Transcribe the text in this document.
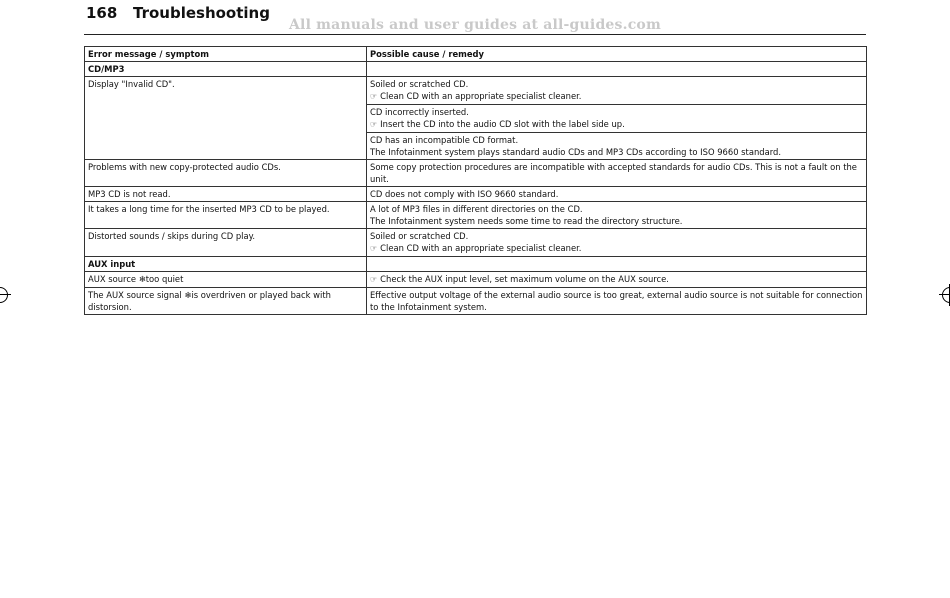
168 Troubleshooting
All manuals and user guides at all-guides.com
Error message / symptom	Possible cause / remedy
CD/MP3	
Display "Invalid CD".	Soiled or scratched CD.
☞ Clean CD with an appropriate specialist cleaner.

	CD incorrectly inserted.
☞ Insert the CD into the audio CD slot with the label side up.

	CD has an incompatible CD format.
The Infotainment system plays standard audio CDs and MP3 CDs according to ISO 9660 standard.

Problems with new copy-protected audio CDs.	Some copy protection procedures are incompatible with accepted standards for audio CDs. This is not a fault on the unit.
MP3 CD is not read.	CD does not comply with ISO 9660 standard.
It takes a long time for the inserted MP3 CD to be played.	A lot of MP3 files in different directories on the CD.
The Infotainment system needs some time to read the directory structure.

Distorted sounds / skips during CD play.	Soiled or scratched CD.
☞ Clean CD with an appropriate specialist cleaner.

AUX input	
AUX source ❄too quiet	☞ Check the AUX input level, set maximum volume on the AUX source.
The AUX source signal ❄is overdriven or played back with distorsion.	Effective output voltage of the external audio source is too great, external audio source is not suitable for connection to the Infotainment system.
